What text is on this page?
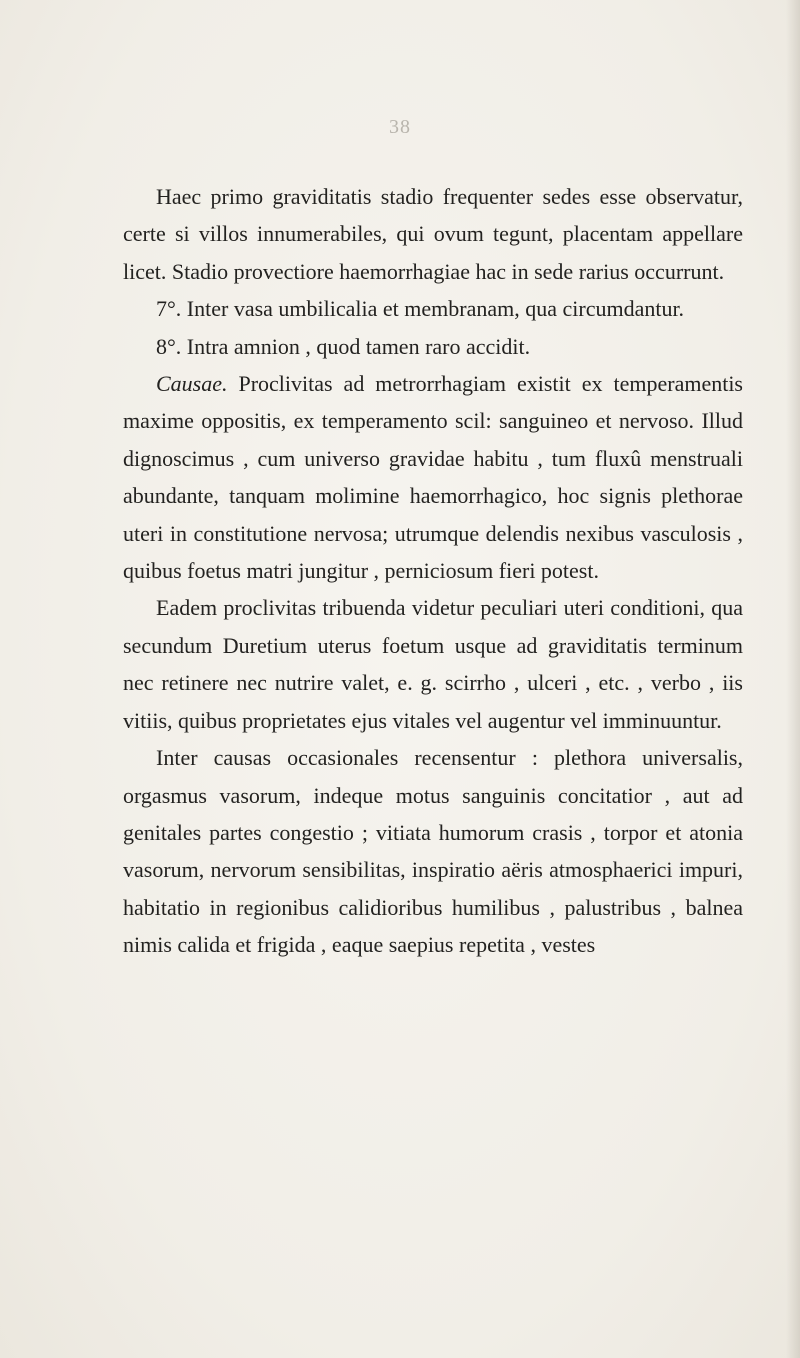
38

Haec primo graviditatis stadio frequenter sedes esse observatur, certe si villos innumerabiles, qui ovum tegunt, placentam appellare licet. Stadio provectiore haemorrhagiae hac in sede rarius occurrunt.

7°. Inter vasa umbilicalia et membranam, qua circumdantur.

8°. Intra amnion , quod tamen raro accidit.

Causae. Proclivitas ad metrorrhagiam existit ex temperamentis maxime oppositis, ex temperamento scil: sanguineo et nervoso. Illud dignoscimus , cum universo gravidae habitu , tum fluxû menstruali abundante, tanquam molimine haemorrhagico, hoc signis plethorae uteri in constitutione nervosa; utrumque delendis nexibus vasculosis , quibus foetus matri jungitur , perniciosum fieri potest.

Eadem proclivitas tribuenda videtur peculiari uteri conditioni, qua secundum Duretium uterus foetum usque ad graviditatis terminum nec retinere nec nutrire valet, e. g. scirrho , ulceri , etc. , verbo , iis vitiis, quibus proprietates ejus vitales vel augentur vel imminuuntur.

Inter causas occasionales recensentur : plethora universalis, orgasmus vasorum, indeque motus sanguinis concitatior , aut ad genitales partes congestio ; vitiata humorum crasis , torpor et atonia vasorum, nervorum sensibilitas, inspiratio aëris atmosphaerici impuri, habitatio in regionibus calidioribus humilibus , palustribus , balnea nimis calida et frigida , eaque saepius repetita , vestes
